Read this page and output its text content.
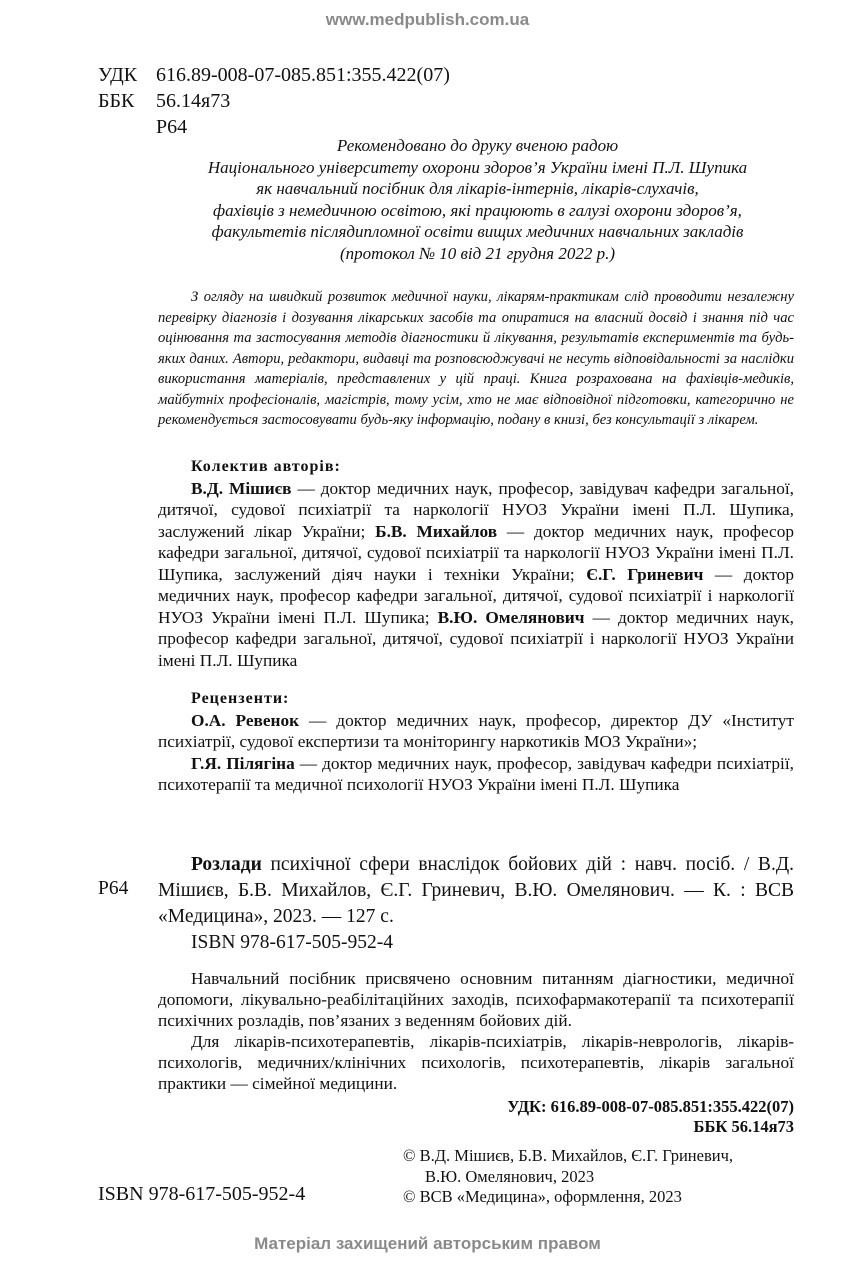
www.medpublish.com.ua
УДК 616.89-008-07-085.851:355.422(07)
ББК 56.14я73
Р64
Рекомендовано до друку вченою радою
Національного університету охорони здоров’я України імені П.Л. Шупика
як навчальний посібник для лікарів-інтернів, лікарів-слухачів,
фахівців з немедичною освітою, які працюють в галузі охорони здоров’я,
факультетів післядипломної освіти вищих медичних навчальних закладів
(протокол № 10 від 21 грудня 2022 р.)
З огляду на швидкий розвиток медичної науки, лікарям-практикам слід проводити незалежну перевірку діагнозів і дозування лікарських засобів та опиратися на власний досвід і знання під час оцінювання та застосування методів діагностики й лікування, результатів експериментів та будь-яких даних. Автори, редактори, видавці та розповсюджувачі не несуть відповідальності за наслідки використання матеріалів, представлених у цій праці. Книга розрахована на фахівців-медиків, майбутніх професіоналів, магістрів, тому усім, хто не має відповідної підготовки, категорично не рекомендується застосовувати будь-яку інформацію, подану в книзі, без консультації з лікарем.
Колектив авторів:
В.Д. Мішиєв — доктор медичних наук, професор, завідувач кафедри загальної, дитячої, судової психіатрії та наркології НУОЗ України імені П.Л. Шупика, заслужений лікар України; Б.В. Михайлов — доктор медичних наук, професор кафедри загальної, дитячої, судової психіатрії та наркології НУОЗ України імені П.Л. Шупика, заслужений діяч науки і техніки України; Є.Г. Гриневич — доктор медичних наук, професор кафедри загальної, дитячої, судової психіатрії і наркології НУОЗ України імені П.Л. Шупика; В.Ю. Омелянович — доктор медичних наук, професор кафедри загальної, дитячої, судової психіатрії і наркології НУОЗ України імені П.Л. Шупика
Рецензенти:
О.А. Ревенок — доктор медичних наук, професор, директор ДУ «Інститут психіатрії, судової експертизи та моніторингу наркотиків МОЗ України»;
Г.Я. Пілягіна — доктор медичних наук, професор, завідувач кафедри психіатрії, психотерапії та медичної психології НУОЗ України імені П.Л. Шупика
Р64
Розлади психічної сфери внаслідок бойових дій : навч. посіб. / В.Д. Мішиєв, Б.В. Михайлов, Є.Г. Гриневич, В.Ю. Омелянович. — К. : ВСВ «Медицина», 2023. — 127 с.
ISBN 978-617-505-952-4
Навчальний посібник присвячено основним питанням діагностики, медичної допомоги, лікувально-реабілітаційних заходів, психофармакотерапії та психотерапії психічних розладів, пов’язаних з веденням бойових дій.
Для лікарів-психотерапевтів, лікарів-психіатрів, лікарів-неврологів, лікарів-психологів, медичних/клінічних психологів, психотерапевтів, лікарів загальної практики — сімейної медицини.
УДК: 616.89-008-07-085.851:355.422(07)
ББК 56.14я73
© В.Д. Мішиєв, Б.В. Михайлов, Є.Г. Гриневич,
В.Ю. Омелянович, 2023
© ВСВ «Медицина», оформлення, 2023
ISBN 978-617-505-952-4
Матеріал захищений авторським правом
